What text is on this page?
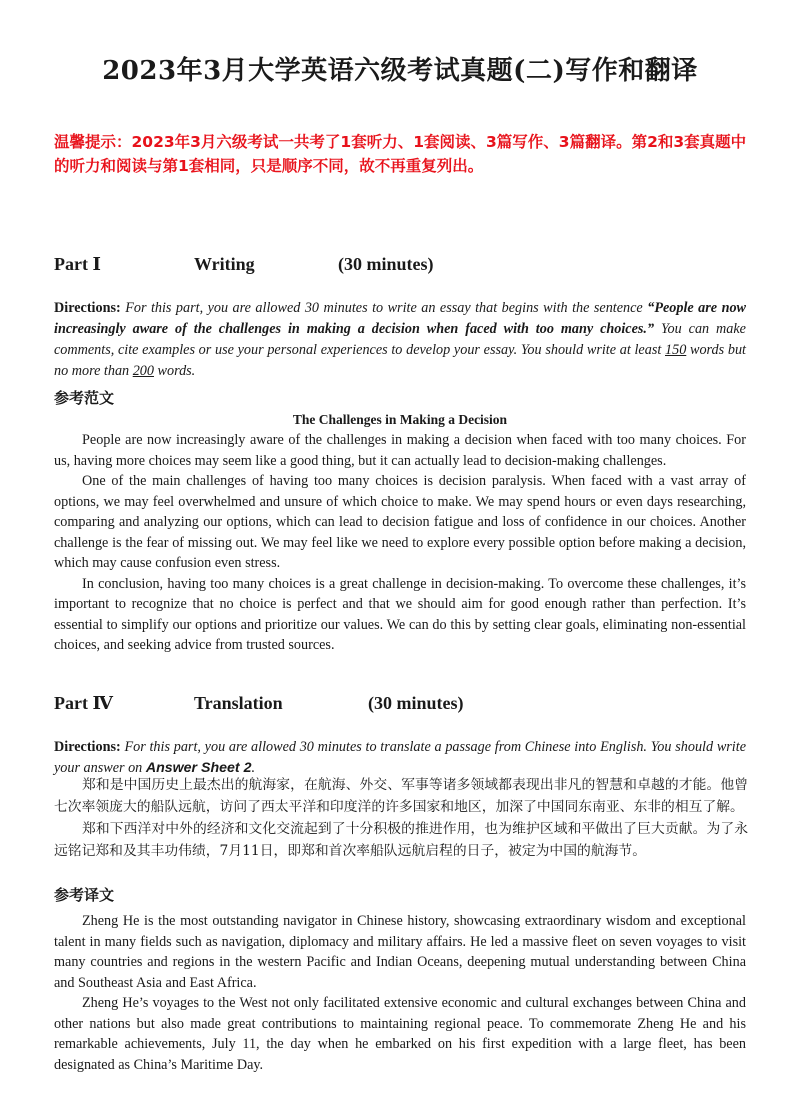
2023年3月大学英语六级考试真题(二)写作和翻译
温馨提示：2023年3月六级考试一共考了1套听力、1套阅读、3篇写作、3篇翻译。第2和3套真题中的听力和阅读与第1套相同，只是顺序不同，故不再重复列出。
Part Ⅰ	Writing	(30 minutes)
Directions: For this part, you are allowed 30 minutes to write an essay that begins with the sentence “People are now increasingly aware of the challenges in making a decision when faced with too many choices.” You can make comments, cite examples or use your personal experiences to develop your essay. You should write at least 150 words but no more than 200 words.
参考范文
The Challenges in Making a Decision

People are now increasingly aware of the challenges in making a decision when faced with too many choices. For us, having more choices may seem like a good thing, but it can actually lead to decision-making challenges.

One of the main challenges of having too many choices is decision paralysis. When faced with a vast array of options, we may feel overwhelmed and unsure of which choice to make. We may spend hours or even days researching, comparing and analyzing our options, which can lead to decision fatigue and loss of confidence in our choices. Another challenge is the fear of missing out. We may feel like we need to explore every possible option before making a decision, which may cause confusion even stress.

In conclusion, having too many choices is a great challenge in decision-making. To overcome these challenges, it’s important to recognize that no choice is perfect and that we should aim for good enough rather than perfection. It’s essential to simplify our options and prioritize our values. We can do this by setting clear goals, eliminating non-essential choices, and seeking advice from trusted sources.

Part Ⅳ	Translation	(30 minutes)
Directions: For this part, you are allowed 30 minutes to translate a passage from Chinese into English. You should write your answer on Answer Sheet 2.

郑和是中国历史上最杰出的航海家，在航海、外交、军事等诸多领域都表现出非凡的智慧和卓越的才能。他曾七次率领庞大的船队远航，访问了西太平洋和印度洋的许多国家和地区，加深了中国同东南亚、东非的相互了解。

郑和下西洋对中外的经济和文化交流起到了十分积极的推进作用，也为维护区域和平做出了巨大贡献。为了永远铭记郑和及其丰功伟绩，7月11日，即郑和首次率船队远航启程的日子，被定为中国的航海节。

参考译文

Zheng He is the most outstanding navigator in Chinese history, showcasing extraordinary wisdom and exceptional talent in many fields such as navigation, diplomacy and military affairs. He led a massive fleet on seven voyages to visit many countries and regions in the western Pacific and Indian Oceans, deepening mutual understanding between China and Southeast Asia and East Africa.

Zheng He’s voyages to the West not only facilitated extensive economic and cultural exchanges between China and other nations but also made great contributions to maintaining regional peace. To commemorate Zheng He and his remarkable achievements, July 11, the day when he embarked on his first expedition with a large fleet, has been designated as China’s Maritime Day.
